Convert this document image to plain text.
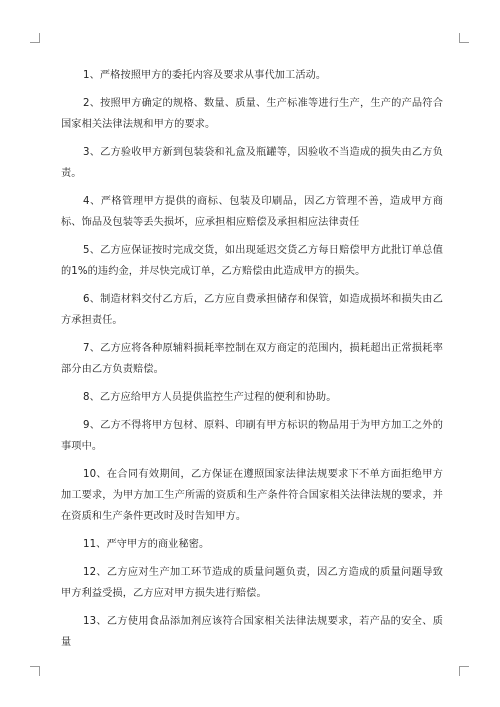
1、严格按照甲方的委托内容及要求从事代加工活动。

2、按照甲方确定的规格、数量、质量、生产标准等进行生产，生产的产品符合国家相关法律法规和甲方的要求。

3、乙方验收甲方新到包装袋和礼盒及瓶罐等，因验收不当造成的损失由乙方负责。

4、严格管理甲方提供的商标、包装及印刷品，因乙方管理不善，造成甲方商标、饰品及包装等丢失损坏，应承担相应赔偿及承担相应法律责任

5、乙方应保证按时完成交货，如出现延迟交货乙方每日赔偿甲方此批订单总值的1%的违约金，并尽快完成订单，乙方赔偿由此造成甲方的损失。

6、制造材料交付乙方后，乙方应自费承担储存和保管，如造成损坏和损失由乙方承担责任。

7、乙方应将各种原辅料损耗率控制在双方商定的范围内，损耗超出正常损耗率部分由乙方负责赔偿。

8、乙方应给甲方人员提供监控生产过程的便利和协助。

9、乙方不得将甲方包材、原料、印刷有甲方标识的物品用于为甲方加工之外的事项中。

10、在合同有效期间，乙方保证在遵照国家法律法规要求下不单方面拒绝甲方加工要求，为甲方加工生产所需的资质和生产条件符合国家相关法律法规的要求，并在资质和生产条件更改时及时告知甲方。

11、严守甲方的商业秘密。

12、乙方应对生产加工环节造成的质量问题负责，因乙方造成的质量问题导致甲方利益受损，乙方应对甲方损失进行赔偿。

13、乙方使用食品添加剂应该符合国家相关法律法规要求，若产品的安全、质量
